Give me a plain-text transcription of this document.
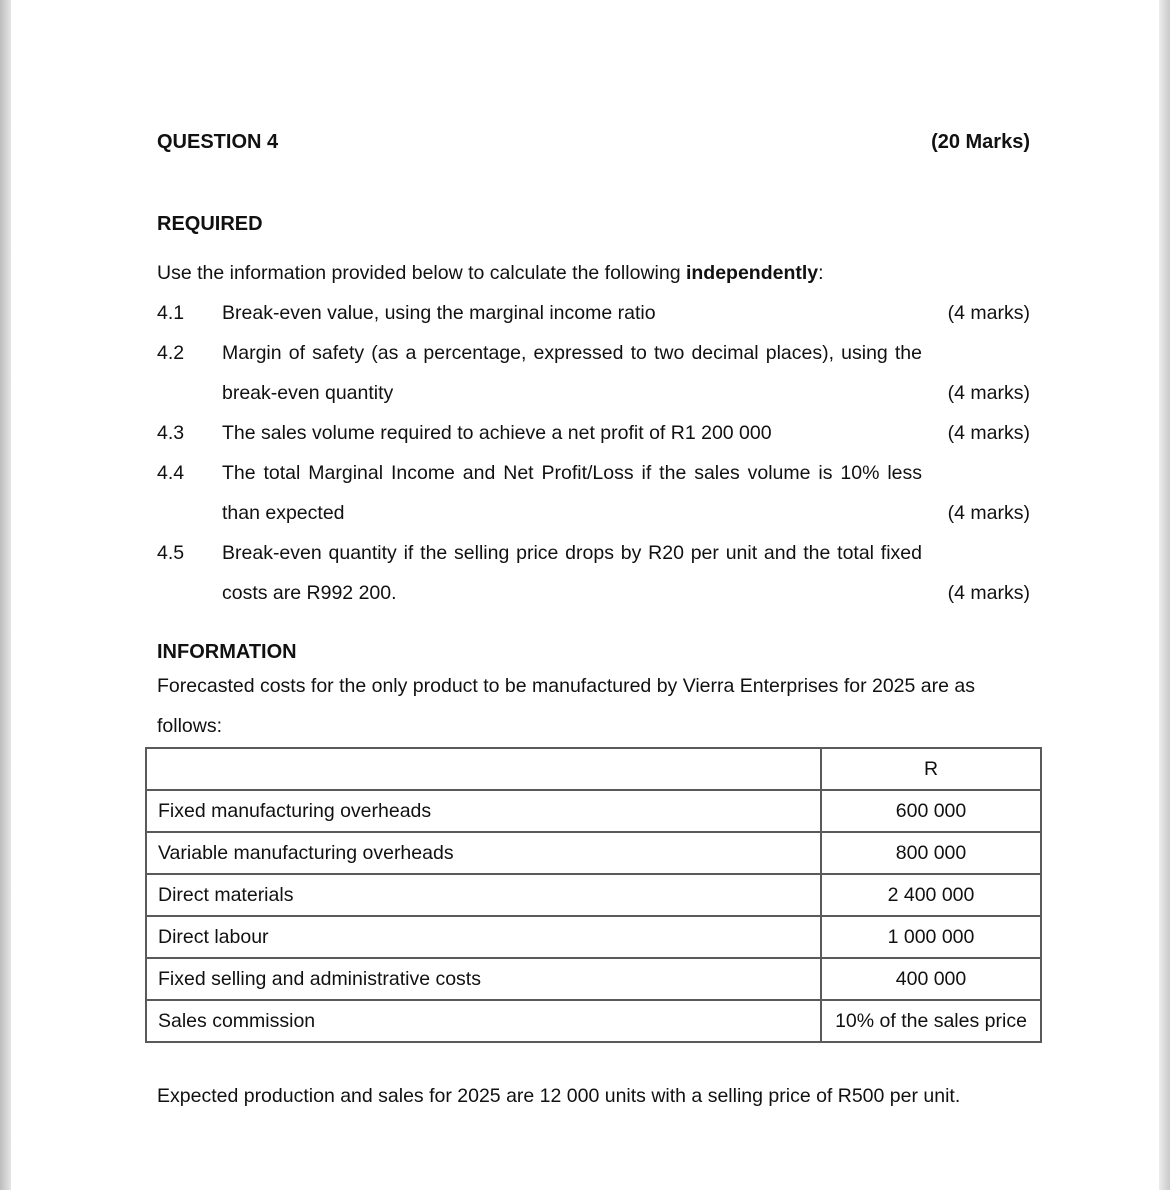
QUESTION 4	(20 Marks)
REQUIRED
Use the information provided below to calculate the following independently:
4.1	Break-even value, using the marginal income ratio	(4 marks)
4.2	Margin of safety (as a percentage, expressed to two decimal places), using the break-even quantity	(4 marks)
4.3	The sales volume required to achieve a net profit of R1 200 000	(4 marks)
4.4	The total Marginal Income and Net Profit/Loss if the sales volume is 10% less than expected	(4 marks)
4.5	Break-even quantity if the selling price drops by R20 per unit and the total fixed costs are R992 200.	(4 marks)
INFORMATION
Forecasted costs for the only product to be manufactured by Vierra Enterprises for 2025 are as follows:
	R
Fixed manufacturing overheads	600 000
Variable manufacturing overheads	800 000
Direct materials	2 400 000
Direct labour	1 000 000
Fixed selling and administrative costs	400 000
Sales commission	10% of the sales price
Expected production and sales for 2025 are 12 000 units with a selling price of R500 per unit.
